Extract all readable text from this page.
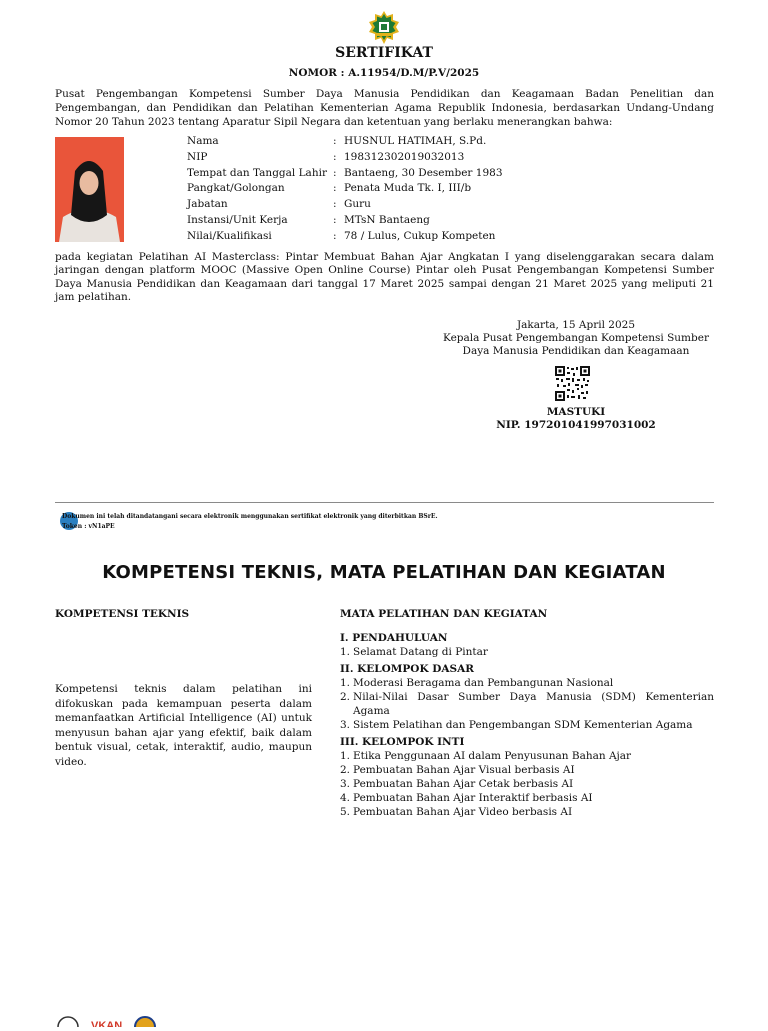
SERTIFIKAT
NOMOR : A.11954/D.M/P.V/2025
Pusat Pengembangan Kompetensi Sumber Daya Manusia Pendidikan dan Keagamaan Badan Penelitian dan Pengembangan, dan Pendidikan dan Pelatihan Kementerian Agama Republik Indonesia, berdasarkan Undang-Undang Nomor 20 Tahun 2023 tentang Aparatur Sipil Negara dan ketentuan yang berlaku menerangkan bahwa:
Nama	: HUSNUL HATIMAH, S.Pd.
NIP	: 198312302019032013
Tempat dan Tanggal Lahir : Bantaeng, 30 Desember 1983
Pangkat/Golongan	: Penata Muda Tk. I, III/b
Jabatan	: Guru
Instansi/Unit Kerja	: MTsN Bantaeng
Nilai/Kualifikasi	: 78 / Lulus, Cukup Kompeten
pada kegiatan Pelatihan AI Masterclass: Pintar Membuat Bahan Ajar Angkatan I yang diselenggarakan secara dalam jaringan dengan platform MOOC (Massive Open Online Course) Pintar oleh Pusat Pengembangan Kompetensi Sumber Daya Manusia Pendidikan dan Keagamaan dari tanggal 17 Maret 2025 sampai dengan 21 Maret 2025 yang meliputi 21 jam pelatihan.
Jakarta, 15 April 2025
Kepala Pusat Pengembangan Kompetensi Sumber
Daya Manusia Pendidikan dan Keagamaan
MASTUKI
NIP. 197201041997031002
Dokumen ini telah ditandatangani secara elektronik menggunakan sertifikat elektronik yang diterbitkan BSrE.
Token : vN1aPE
KOMPETENSI TEKNIS, MATA PELATIHAN DAN KEGIATAN
KOMPETENSI TEKNIS
Kompetensi teknis dalam pelatihan ini difokuskan pada kemampuan peserta dalam memanfaatkan Artificial Intelligence (AI) untuk menyusun bahan ajar yang efektif, baik dalam bentuk visual, cetak, interaktif, audio, maupun video.
MATA PELATIHAN DAN KEGIATAN
I. PENDAHULUAN
1. Selamat Datang di Pintar
II. KELOMPOK DASAR
1. Moderasi Beragama dan Pembangunan Nasional
2. Nilai-Nilai Dasar Sumber Daya Manusia (SDM) Kementerian Agama
3. Sistem Pelatihan dan Pengembangan SDM Kementerian Agama
III. KELOMPOK INTI
1. Etika Penggunaan AI dalam Penyusunan Bahan Ajar
2. Pembuatan Bahan Ajar Visual berbasis AI
3. Pembuatan Bahan Ajar Cetak berbasis AI
4. Pembuatan Bahan Ajar Interaktif berbasis AI
5. Pembuatan Bahan Ajar Video berbasis AI
VKAN
